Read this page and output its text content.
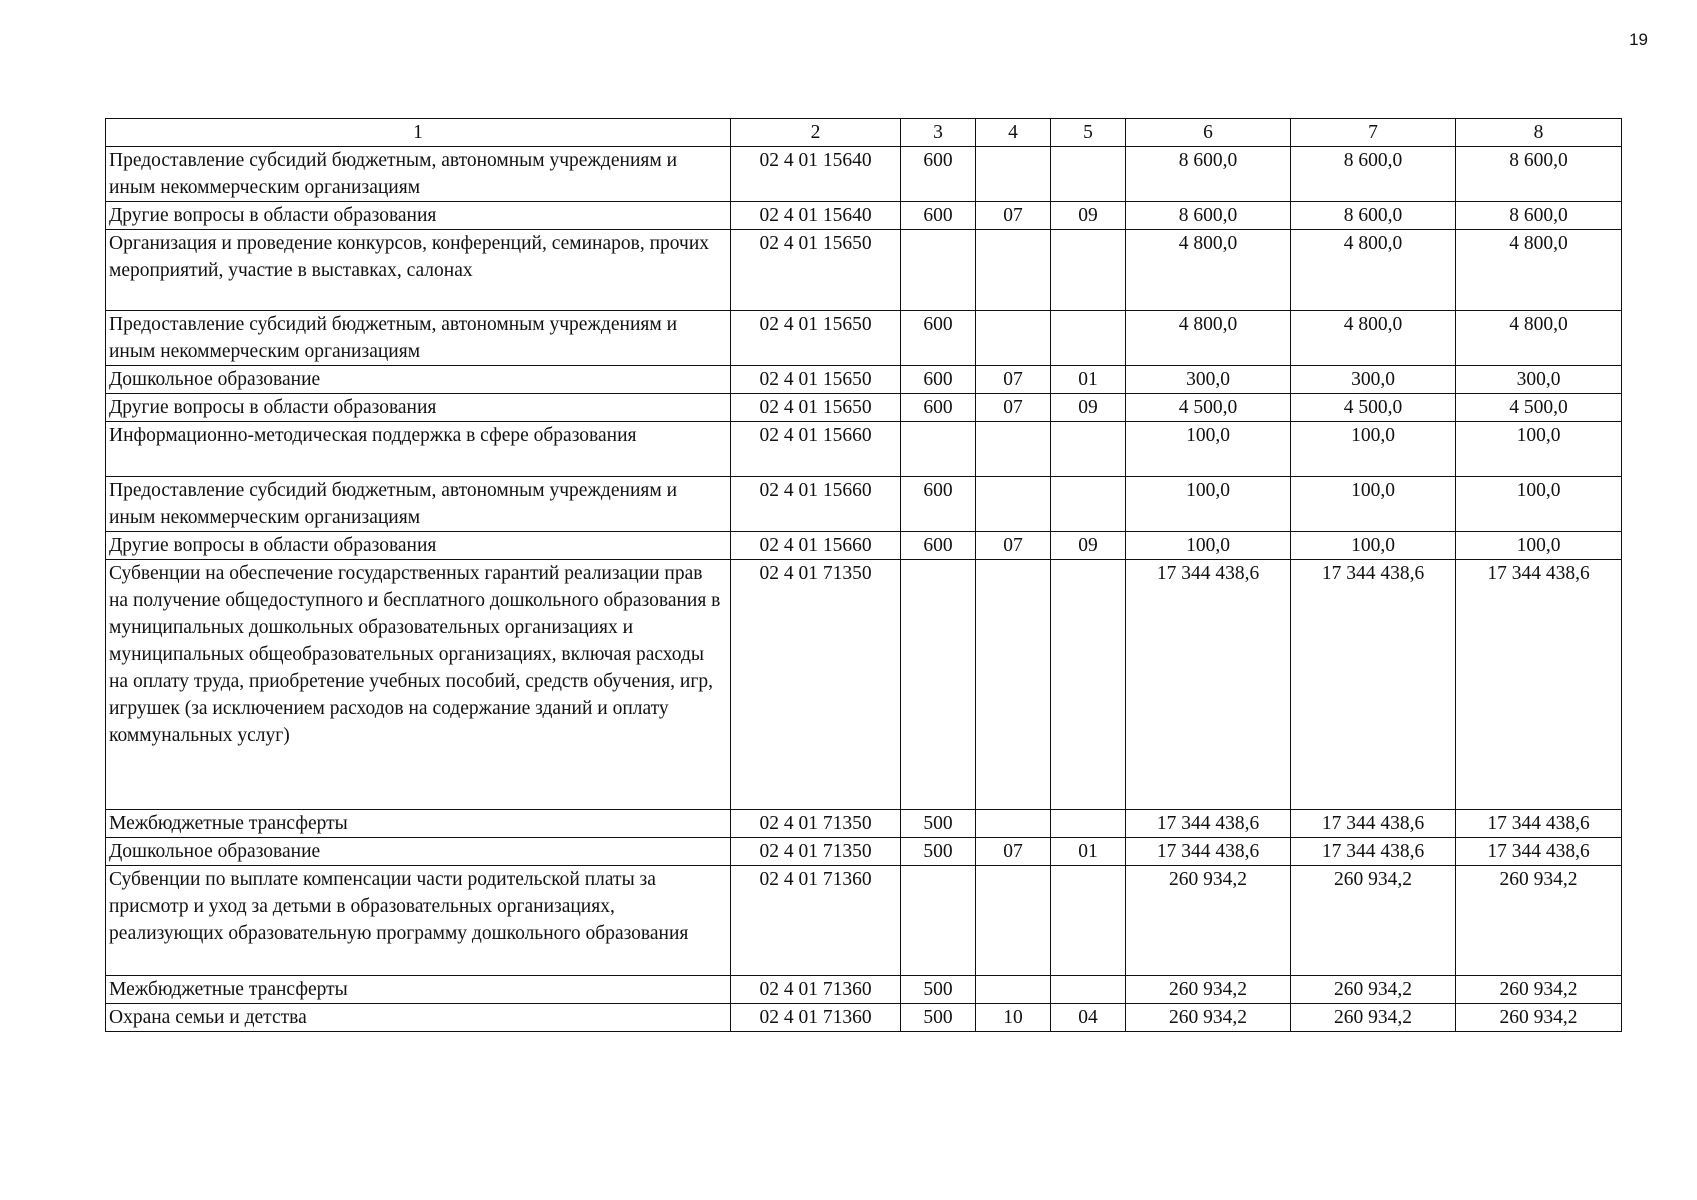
19
1	2	3	4	5	6	7	8
Предоставление субсидий бюджетным, автономным учреждениям и иным некоммерческим организациям	02 4 01 15640	600			8 600,0	8 600,0	8 600,0
Другие вопросы в области образования	02 4 01 15640	600	07	09	8 600,0	8 600,0	8 600,0
Организация и проведение конкурсов, конференций, семинаров, прочих мероприятий, участие в выставках, салонах	02 4 01 15650				4 800,0	4 800,0	4 800,0
Предоставление субсидий бюджетным, автономным учреждениям и иным некоммерческим организациям	02 4 01 15650	600			4 800,0	4 800,0	4 800,0
Дошкольное образование	02 4 01 15650	600	07	01	300,0	300,0	300,0
Другие вопросы в области образования	02 4 01 15650	600	07	09	4 500,0	4 500,0	4 500,0
Информационно-методическая поддержка в сфере образования	02 4 01 15660				100,0	100,0	100,0
Предоставление субсидий бюджетным, автономным учреждениям и иным некоммерческим организациям	02 4 01 15660	600			100,0	100,0	100,0
Другие вопросы в области образования	02 4 01 15660	600	07	09	100,0	100,0	100,0
Субвенции на обеспечение государственных гарантий реализации прав на получение общедоступного и бесплатного дошкольного образования в муниципальных дошкольных образовательных организациях и муниципальных общеобразовательных организациях, включая расходы на оплату труда, приобретение учебных пособий, средств обучения, игр, игрушек (за исключением расходов на содержание зданий и оплату коммунальных услуг)	02 4 01 71350				17 344 438,6	17 344 438,6	17 344 438,6
Межбюджетные трансферты	02 4 01 71350	500			17 344 438,6	17 344 438,6	17 344 438,6
Дошкольное образование	02 4 01 71350	500	07	01	17 344 438,6	17 344 438,6	17 344 438,6
Субвенции по выплате компенсации части родительской платы за присмотр и уход за детьми в образовательных организациях, реализующих образовательную программу дошкольного образования	02 4 01 71360				260 934,2	260 934,2	260 934,2
Межбюджетные трансферты	02 4 01 71360	500			260 934,2	260 934,2	260 934,2
Охрана семьи и детства	02 4 01 71360	500	10	04	260 934,2	260 934,2	260 934,2
